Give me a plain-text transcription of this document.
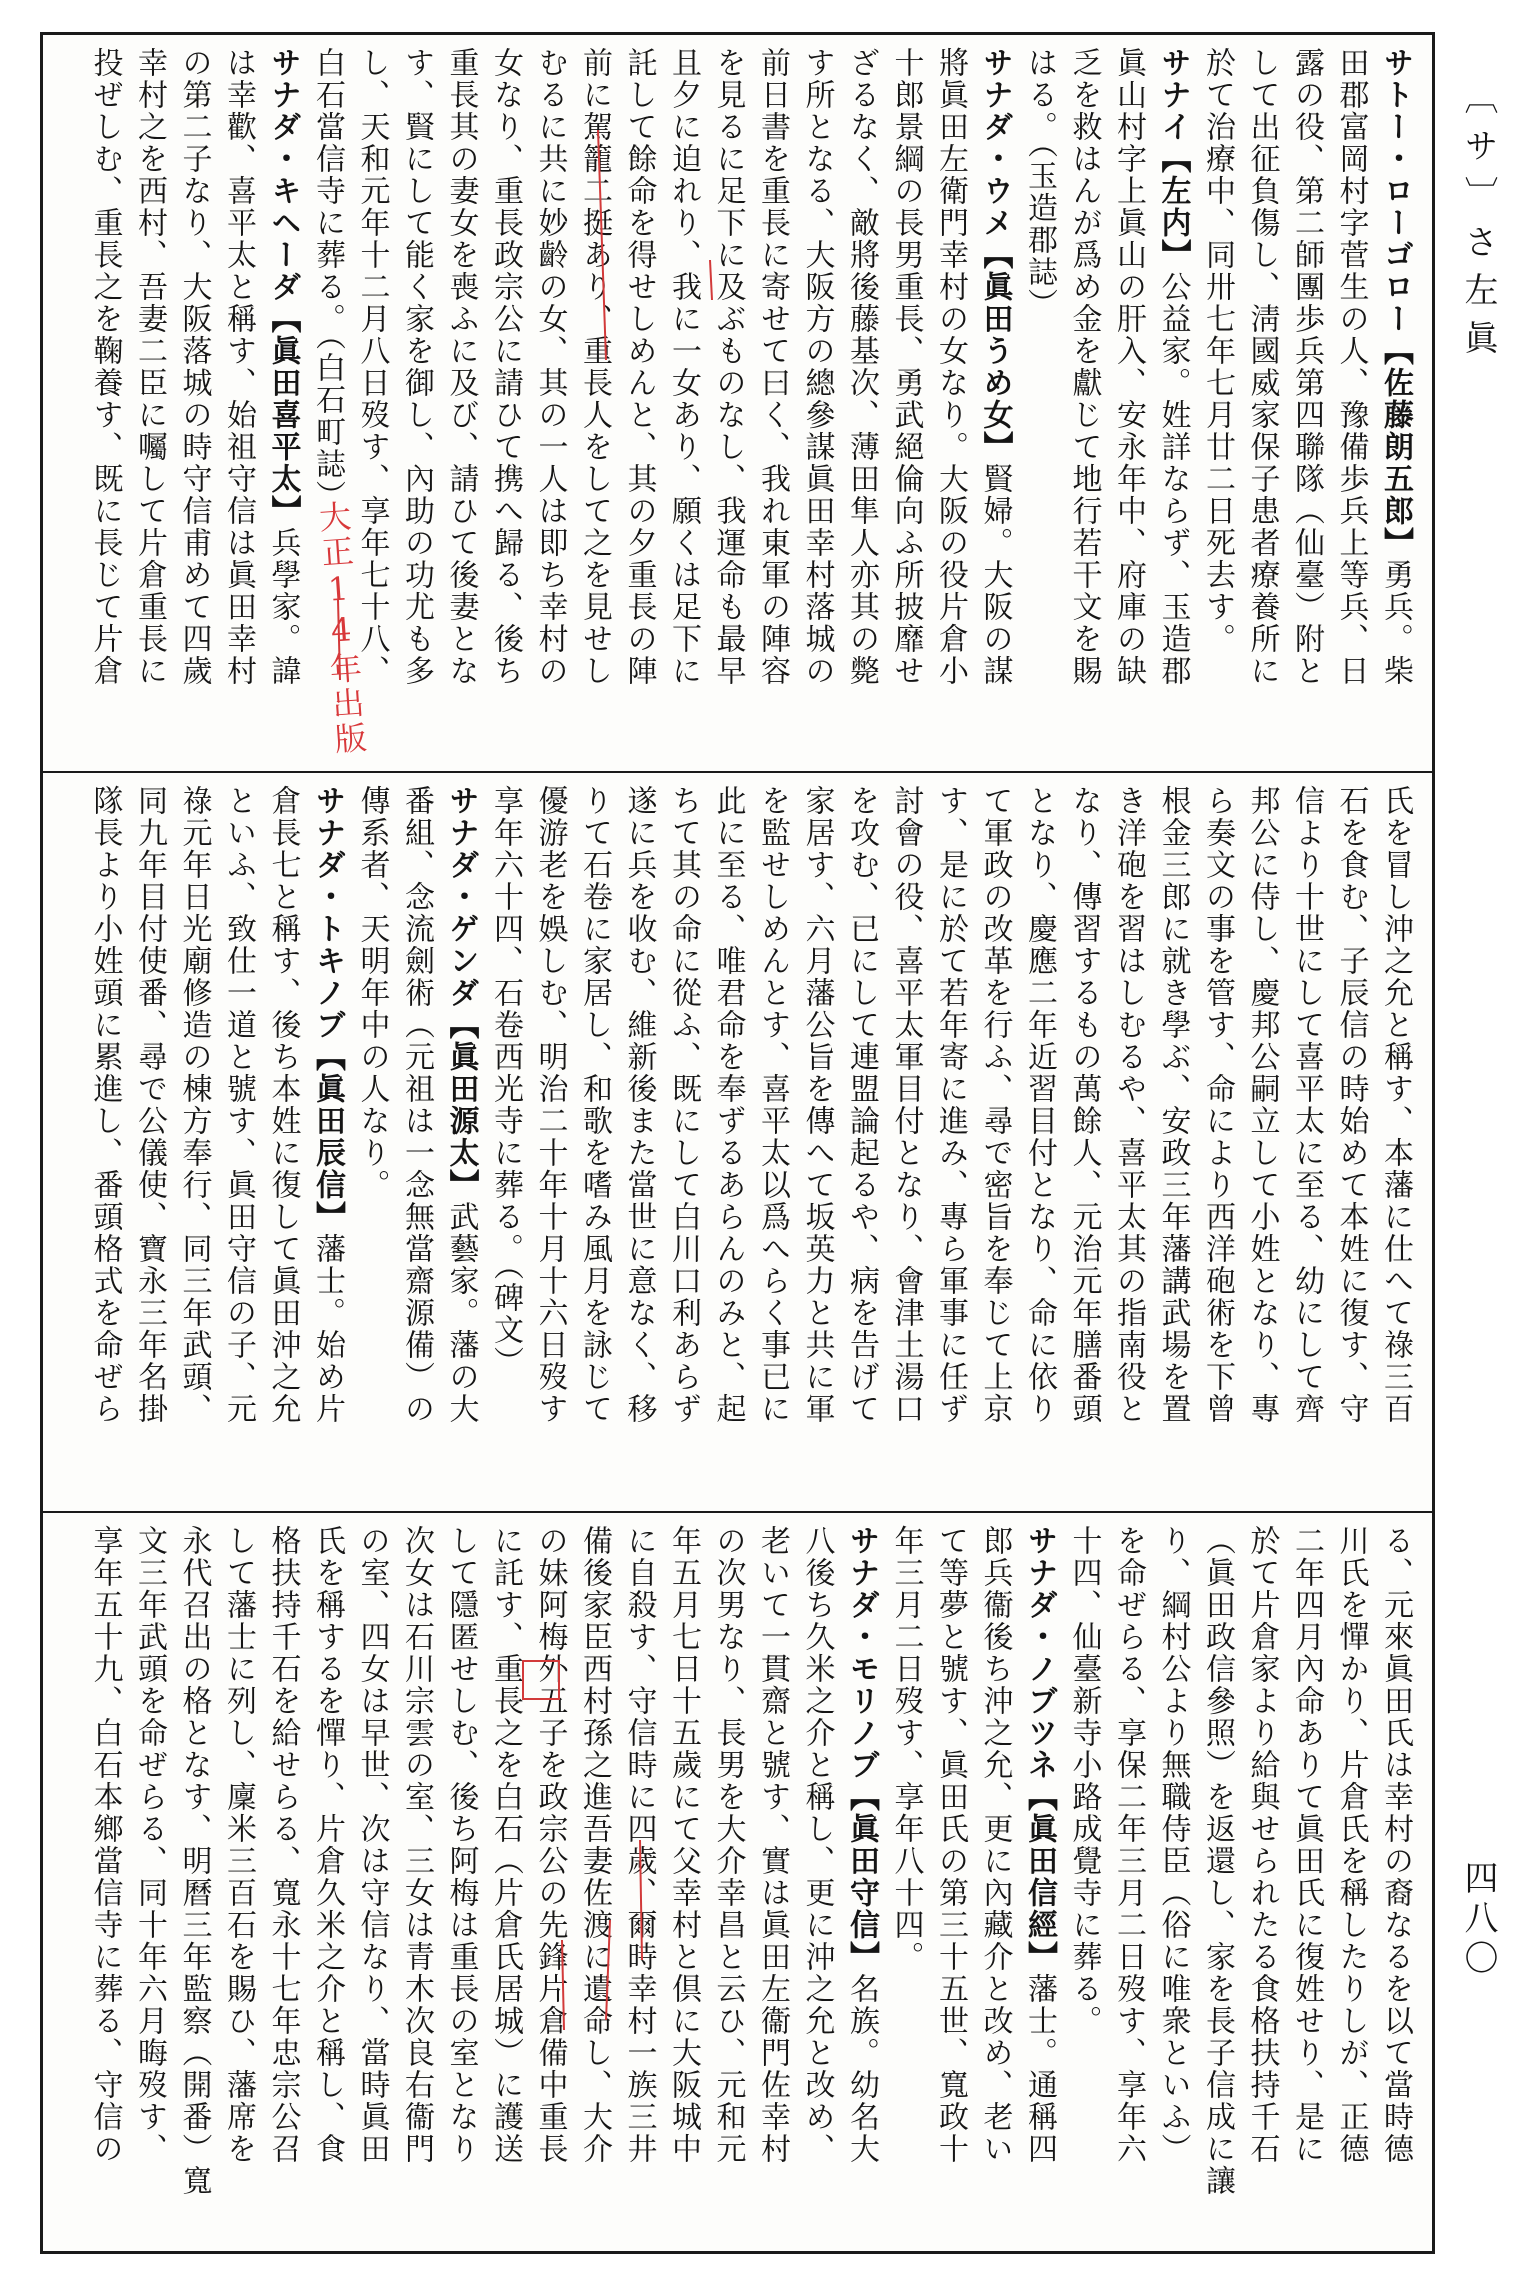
サトー・ローゴロー【佐藤朗五郎】勇兵。柴
田郡富岡村字菅生の人、豫備歩兵上等兵、日
露の役、第二師團歩兵第四聯隊（仙臺）附と
して出征負傷し、淸國威家保子患者療養所に
於て治療中、同卅七年七月廿二日死去す。
サナイ【左内】公益家。姓詳ならず、玉造郡
眞山村字上眞山の肝入、安永年中、府庫の缺
乏を救はんが爲め金を獻じて地行若干文を賜
はる。（玉造郡誌）
サナダ・ウメ【眞田うめ女】賢婦。大阪の謀
將眞田左衛門幸村の女なり。大阪の役片倉小
十郎景綱の長男重長、勇武絕倫向ふ所披靡せ
ざるなく、敵將後藤基次、薄田隼人亦其の斃
す所となる、大阪方の總參謀眞田幸村落城の
前日書を重長に寄せて曰く、我れ東軍の陣容
を見るに足下に及ぶものなし、我運命も最早
且夕に迫れり、我に一女あり、願くは足下に
託して餘命を得せしめんと、其の夕重長の陣
前に駕籠二挺あり、重長人をして之を見せし
むるに共に妙齡の女、其の一人は即ち幸村の
女なり、重長政宗公に請ひて携へ歸る、後ち
重長其の妻女を喪ふに及び、請ひて後妻とな
す、賢にして能く家を御し、內助の功尤も多
し、天和元年十二月八日歿す、享年七十八、
白石當信寺に葬る。（白石町誌）
サナダ・キヘーダ【眞田喜平太】兵學家。諱
は幸歡、喜平太と稱す、始祖守信は眞田幸村
の第二子なり、大阪落城の時守信甫めて四歲
幸村之を西村、吾妻二臣に囑して片倉重長に
投ぜしむ、重長之を鞠養す、既に長じて片倉
氏を冒し沖之允と稱す、本藩に仕へて祿三百
石を食む、子辰信の時始めて本姓に復す、守
信より十世にして喜平太に至る、幼にして齊
邦公に侍し、慶邦公嗣立して小姓となり、專
ら奏文の事を管す、命により西洋砲術を下曾
根金三郎に就き學ぶ、安政三年藩講武場を置
き洋砲を習はしむるや、喜平太其の指南役と
なり、傳習するもの萬餘人、元治元年膳番頭
となり、慶應二年近習目付となり、命に依り
て軍政の改革を行ふ、尋で密旨を奉じて上京
す、是に於て若年寄に進み、專ら軍事に任ず
討會の役、喜平太軍目付となり、會津土湯口
を攻む、已にして連盟論起るや、病を告げて
家居す、六月藩公旨を傳へて坂英力と共に軍
を監せしめんとす、喜平太以爲へらく事已に
此に至る、唯君命を奉ずるあらんのみと、起
ちて其の命に從ふ、既にして白川口利あらず
遂に兵を收む、維新後また當世に意なく、移
りて石卷に家居し、和歌を嗜み風月を詠じて
優游老を娛しむ、明治二十年十月十六日歿す
享年六十四、石卷西光寺に葬る。（碑文）
サナダ・ゲンダ【眞田源太】武藝家。藩の大
番組、念流劍術（元祖は一念無當齋源備）の
傳系者、天明年中の人なり。
サナダ・トキノブ【眞田辰信】藩士。始め片
倉長七と稱す、後ち本姓に復して眞田沖之允
といふ、致仕一道と號す、眞田守信の子、元
祿元年日光廟修造の棟方奉行、同三年武頭、
同九年目付使番、尋で公儀使、寶永三年名掛
隊長より小姓頭に累進し、番頭格式を命ぜら
る、元來眞田氏は幸村の裔なるを以て當時德
川氏を憚かり、片倉氏を稱したりしが、正德
二年四月內命ありて眞田氏に復姓せり、是に
於て片倉家より給與せられたる食格扶持千石
（眞田政信參照）を返還し、家を長子信成に讓
り、綱村公より無職侍臣（俗に唯衆といふ）
を命ぜらる、享保二年三月二日歿す、享年六
十四、仙臺新寺小路成覺寺に葬る。
サナダ・ノブツネ【眞田信經】藩士。通稱四
郎兵衞後ち沖之允、更に內藏介と改め、老い
て等夢と號す、眞田氏の第三十五世、寬政十
年三月二日歿す、享年八十四。
サナダ・モリノブ【眞田守信】名族。幼名大
八後ち久米之介と稱し、更に沖之允と改め、
老いて一貫齋と號す、實は眞田左衞門佐幸村
の次男なり、長男を大介幸昌と云ひ、元和元
年五月七日十五歲にて父幸村と倶に大阪城中
に自殺す、守信時に四歲、爾時幸村一族三井
備後家臣西村孫之進吾妻佐渡に遺命し、大介
の妹阿梅外五子を政宗公の先鋒片倉備中重長
に託す、重長之を白石（片倉氏居城）に護送
して隱匿せしむ、後ち阿梅は重長の室となり
次女は石川宗雲の室、三女は青木次良右衞門
の室、四女は早世、次は守信なり、當時眞田
氏を稱するを憚り、片倉久米之介と稱し、食
格扶持千石を給せらる、寬永十七年忠宗公召
して藩士に列し、廩米三百石を賜ひ、藩席を
永代召出の格となす、明曆三年監察（開番）寬
文三年武頭を命ぜらる、同十年六月晦歿す、
享年五十九、白石本鄉當信寺に葬る、守信の
〔サ〕さ左眞
四八〇
大正14年出版
